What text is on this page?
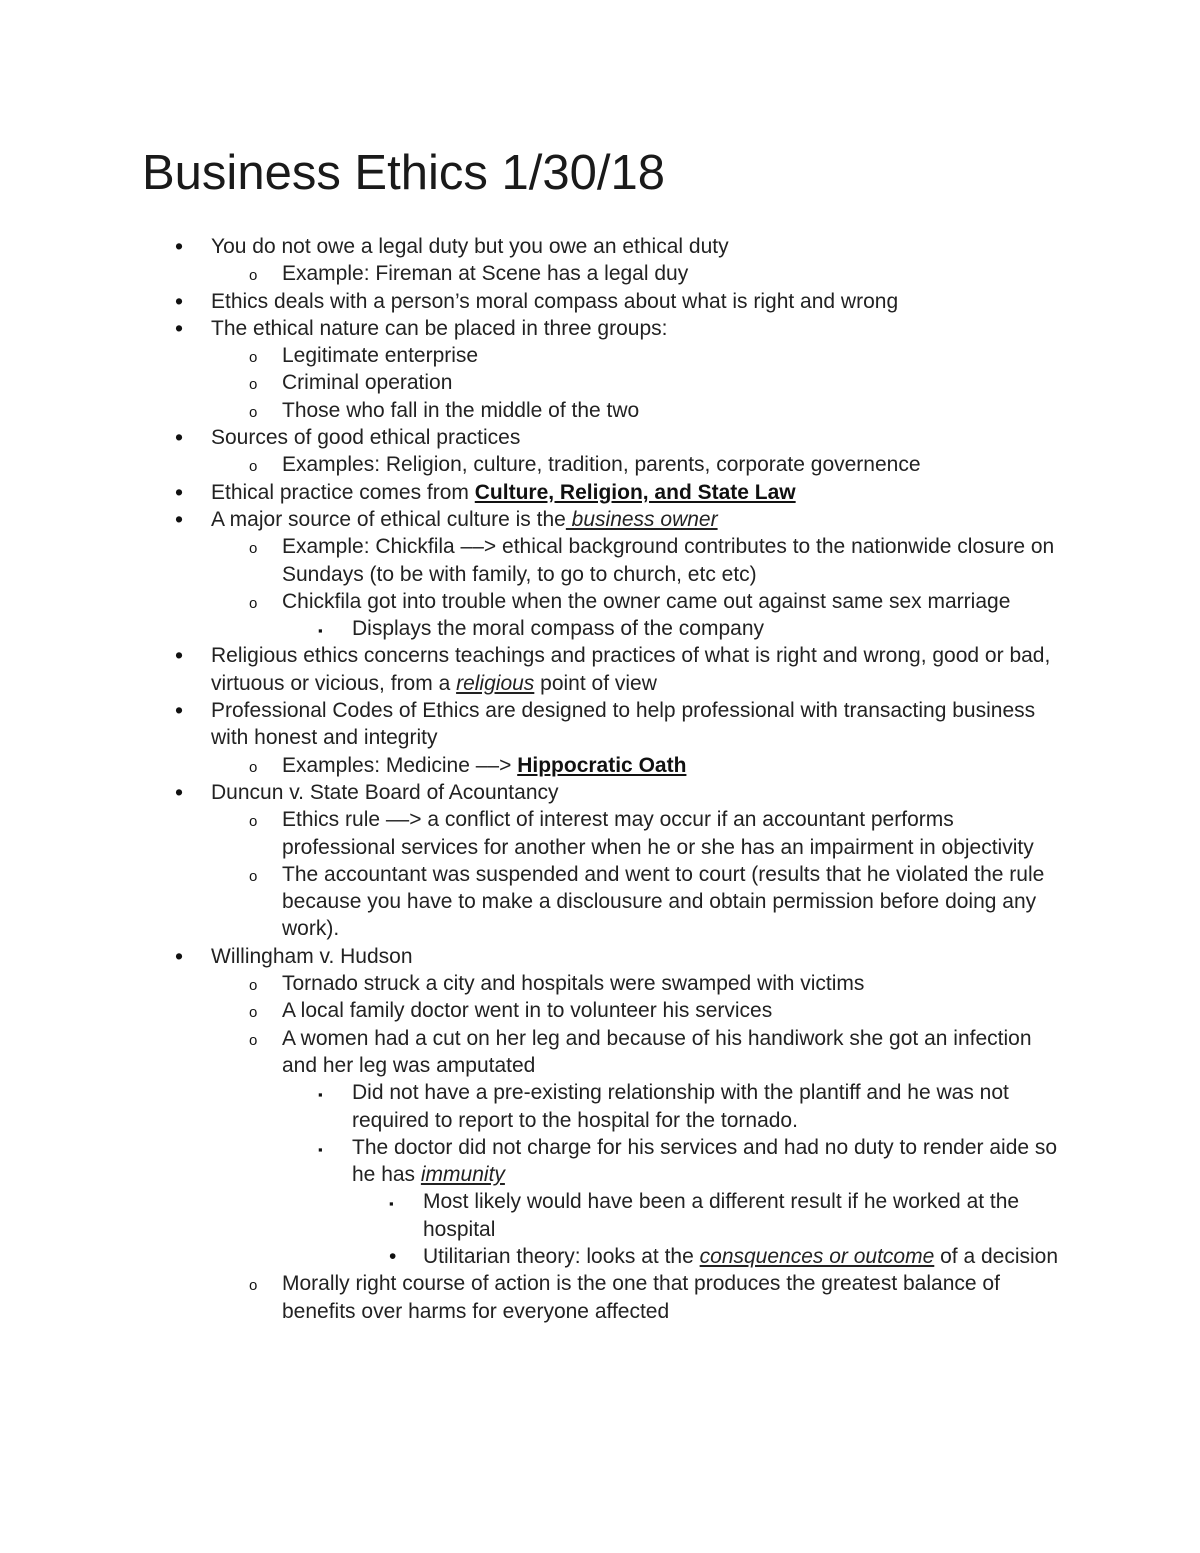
Business Ethics 1/30/18
•
You do not owe a legal duty but you owe an ethical duty
o
Example: Fireman at Scene has a legal duy
•
Ethics deals with a person’s moral compass about what is right and wrong
•
The ethical nature can be placed in three groups:
o
Legitimate enterprise
o
Criminal operation
o
Those who fall in the middle of the two
•
Sources of good ethical practices
o
Examples: Religion, culture, tradition, parents, corporate governence
•
Ethical practice comes from Culture, Religion, and State Law
•
A major source of ethical culture is the business owner
o
Example: Chickfila ––> ethical background contributes to the nationwide closure on Sundays (to be with family, to go to church, etc etc)
o
Chickfila got into trouble when the owner came out against same sex marriage
▪
Displays the moral compass of the company
•
Religious ethics concerns teachings and practices of what is right and wrong, good or bad, virtuous or vicious, from a religious point of view
•
Professional Codes of Ethics are designed to help professional with transacting business with honest and integrity
o
Examples: Medicine ––> Hippocratic Oath
•
Duncun v. State Board of Acountancy
o
Ethics rule ––> a conflict of interest may occur if an accountant performs professional services for another when he or she has an impairment in objectivity
o
The accountant was suspended and went to court (results that he violated the rule because you have to make a disclousure and obtain permission before doing any work).
•
Willingham v. Hudson
o
Tornado struck a city and hospitals were swamped with victims
o
A local family doctor went in to volunteer his services
o
A women had a cut on her leg and because of his handiwork she got an infection and her leg was amputated
▪
Did not have a pre-existing relationship with the plantiff and he was not required to report to the hospital for the tornado.
▪
The doctor did not charge for his services and had no duty to render aide so he has immunity
▪
Most likely would have been a different result if he worked at the hospital
•
Utilitarian theory: looks at the consquences or outcome of a decision
o
Morally right course of action is the one that produces the greatest balance of benefits over harms for everyone affected
